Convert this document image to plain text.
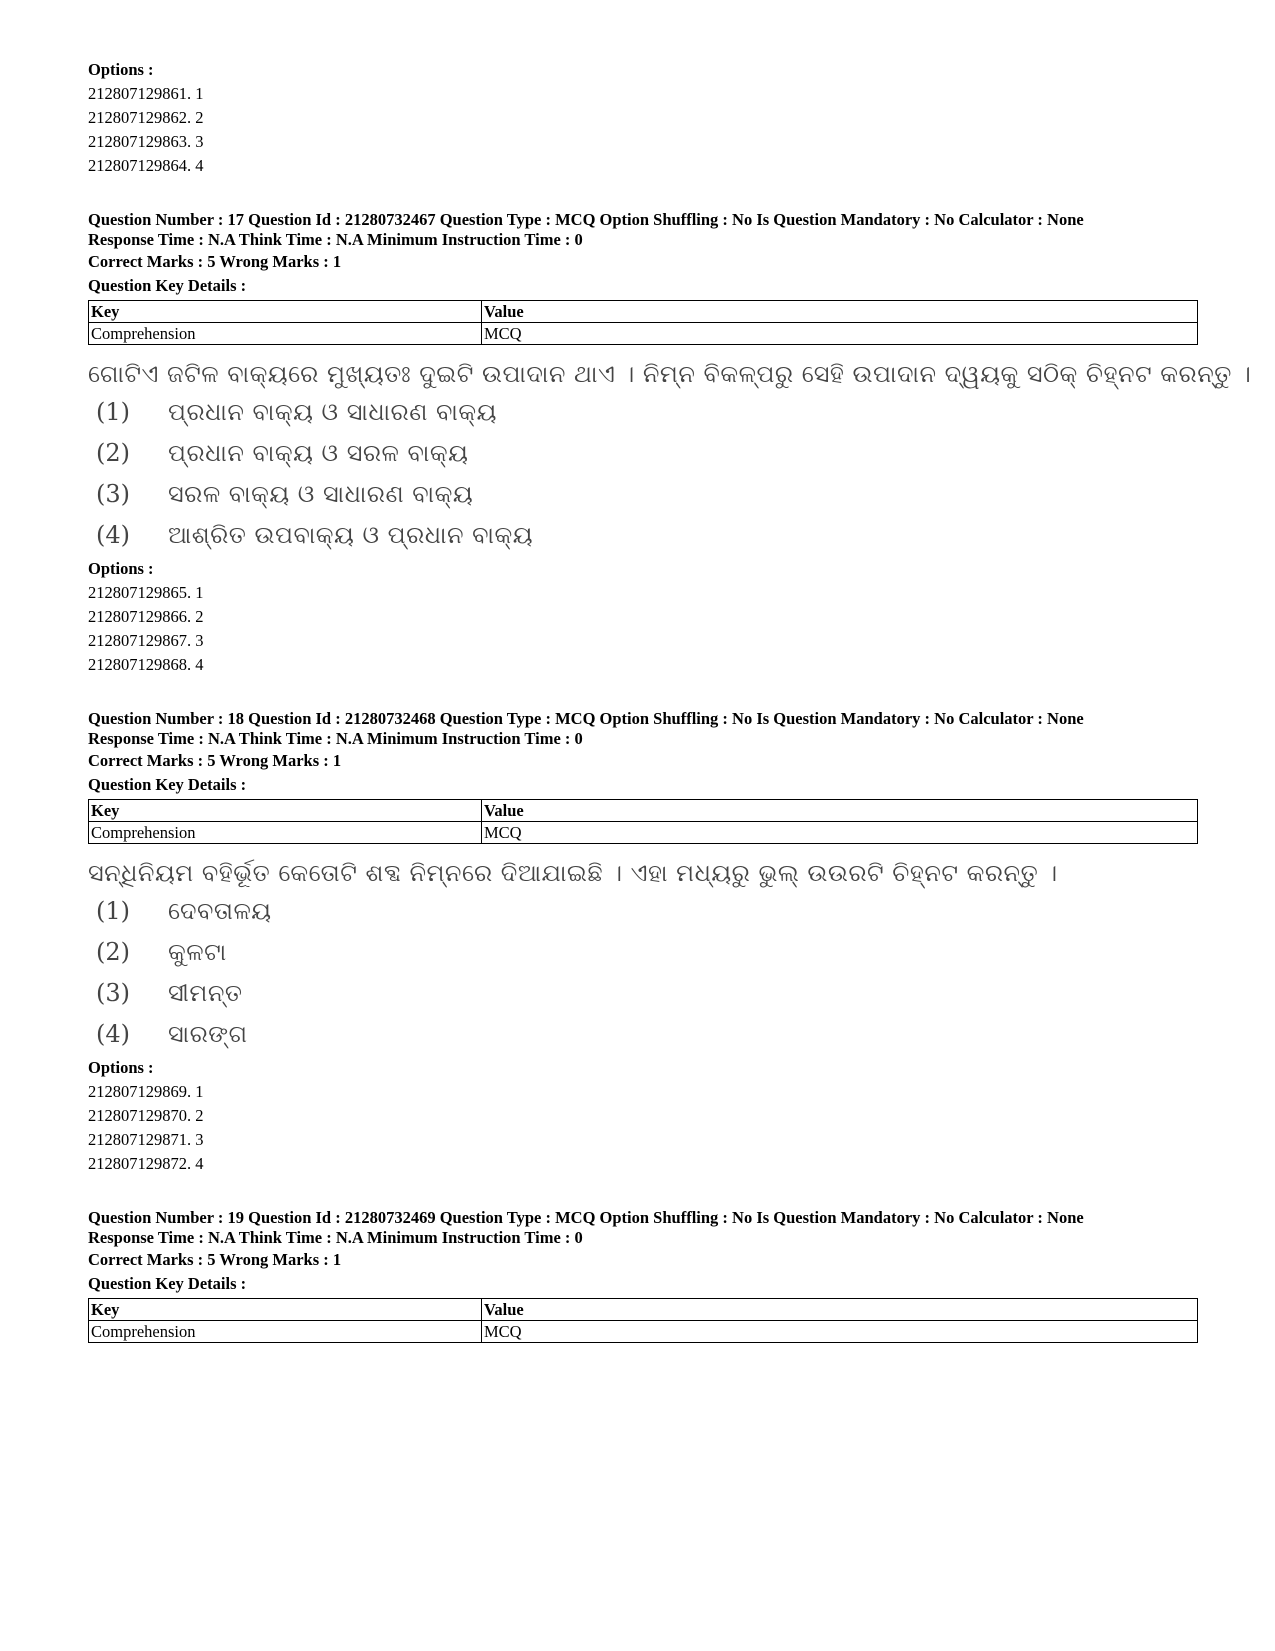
Options :
212807129861. 1
212807129862. 2
212807129863. 3
212807129864. 4
Question Number : 17 Question Id : 21280732467 Question Type : MCQ Option Shuffling : No Is Question Mandatory : No Calculator : None
Response Time : N.A Think Time : N.A Minimum Instruction Time : 0
Correct Marks : 5 Wrong Marks : 1
Question Key Details :
Key	Value
Comprehension	MCQ
ଗୋଟିଏ ଜଟିଳ ବାକ୍ୟରେ ମୁଖ୍ୟତଃ ଦୁଇଟି ଉପାଦାନ ଥାଏ । ନିମ୍ନ ବିକଳ୍ପରୁ ସେହି ଉପାଦାନ ଦ୍ୱୟକୁ ସଠିକ୍ ଚିହ୍ନଟ କରନ୍ତୁ ।
(1)	ପ୍ରଧାନ ବାକ୍ୟ ଓ ସାଧାରଣ ବାକ୍ୟ
(2)	ପ୍ରଧାନ ବାକ୍ୟ ଓ ସରଳ ବାକ୍ୟ
(3)	ସରଳ ବାକ୍ୟ ଓ ସାଧାରଣ ବାକ୍ୟ
(4)	ଆଶ୍ରିତ ଉପବାକ୍ୟ ଓ ପ୍ରଧାନ ବାକ୍ୟ
Options :
212807129865. 1
212807129866. 2
212807129867. 3
212807129868. 4
Question Number : 18 Question Id : 21280732468 Question Type : MCQ Option Shuffling : No Is Question Mandatory : No Calculator : None
Response Time : N.A Think Time : N.A Minimum Instruction Time : 0
Correct Marks : 5 Wrong Marks : 1
Question Key Details :
Key	Value
Comprehension	MCQ
ସନ୍ଧିନିୟମ ବହିର୍ଭୂତ କେତୋଟି ଶବ୍ଦ ନିମ୍ନରେ ଦିଆଯାଇଛି । ଏହା ମଧ୍ୟରୁ ଭୁଲ୍ ଉଉରଟି ଚିହ୍ନଟ କରନ୍ତୁ ।
(1)	ଦେବତାଳୟ
(2)	କୁଳଟା
(3)	ସୀମନ୍ତ
(4)	ସାରଙ୍ଗ
Options :
212807129869. 1
212807129870. 2
212807129871. 3
212807129872. 4
Question Number : 19 Question Id : 21280732469 Question Type : MCQ Option Shuffling : No Is Question Mandatory : No Calculator : None
Response Time : N.A Think Time : N.A Minimum Instruction Time : 0
Correct Marks : 5 Wrong Marks : 1
Question Key Details :
Key	Value
Comprehension	MCQ
